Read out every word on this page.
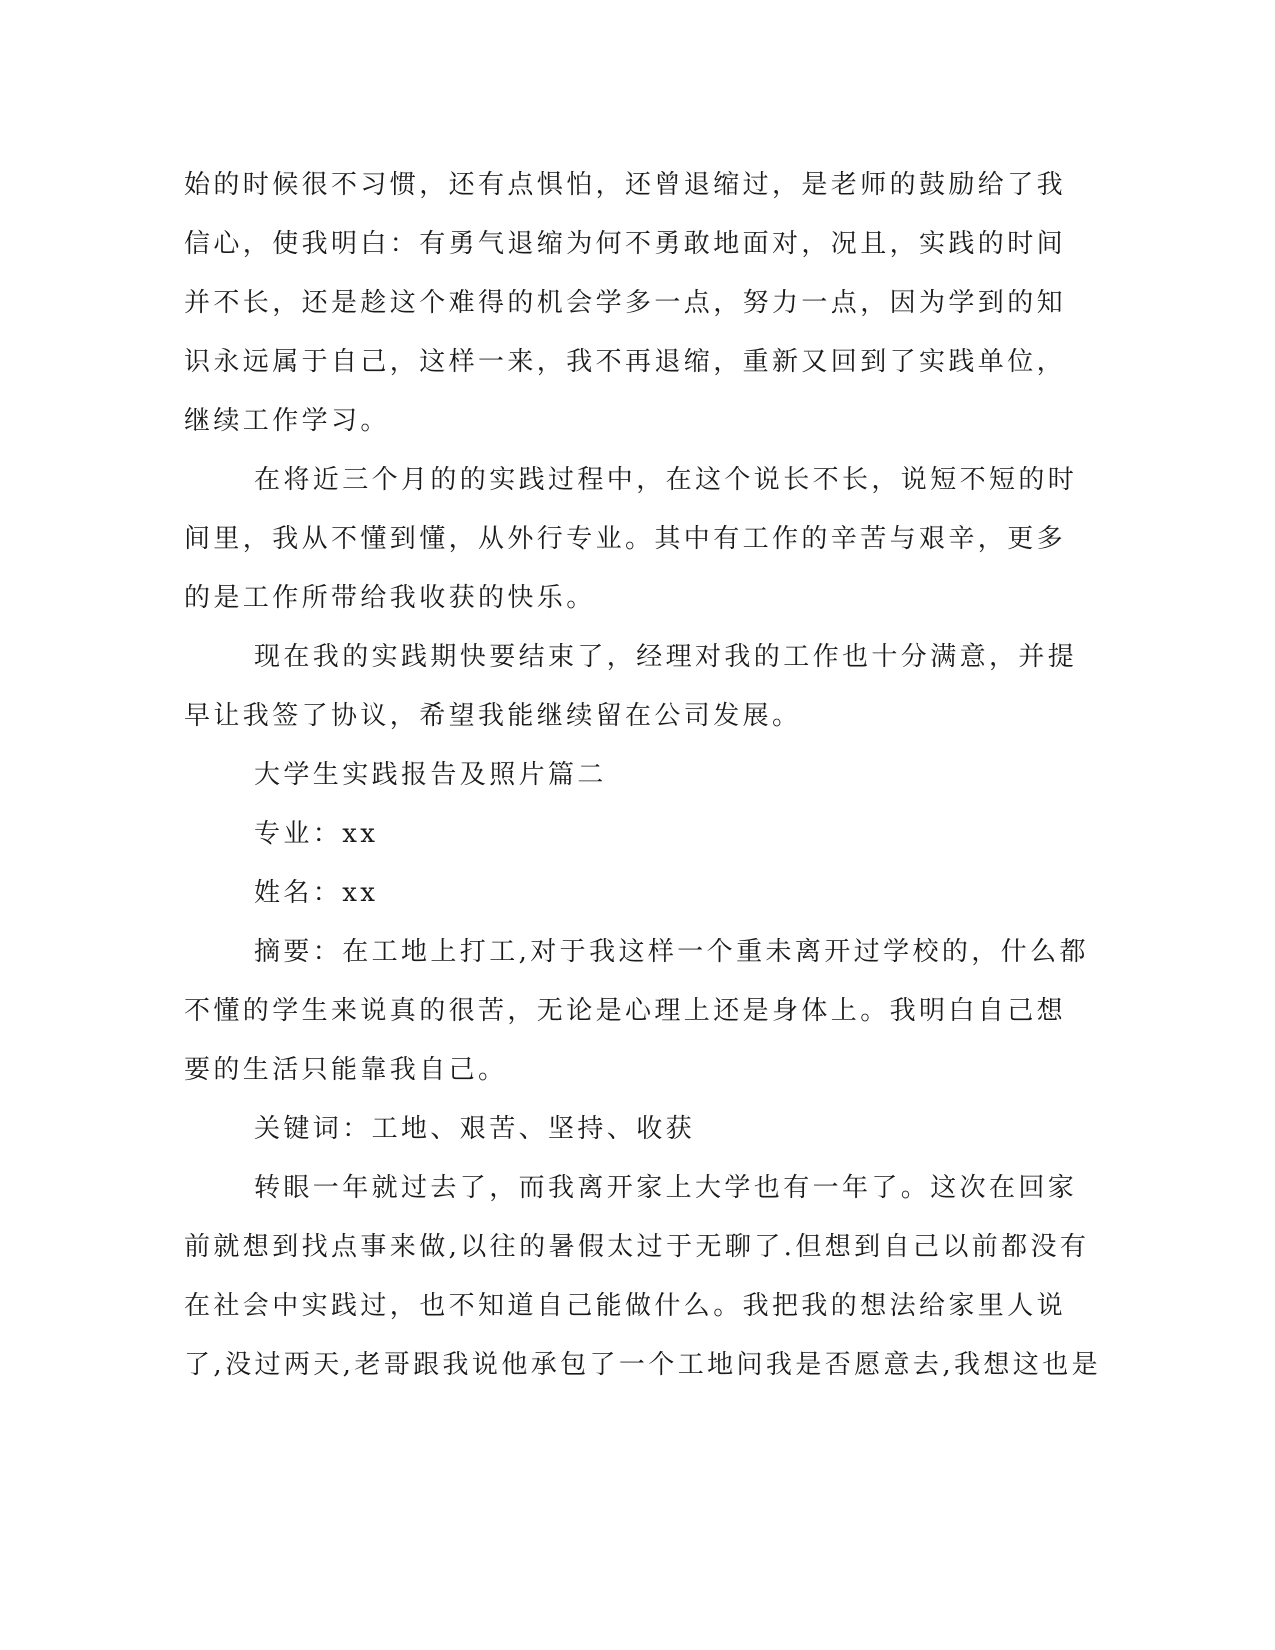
始的时候很不习惯，还有点惧怕，还曾退缩过，是老师的鼓励给了我

信心，使我明白：有勇气退缩为何不勇敢地面对，况且，实践的时间

并不长，还是趁这个难得的机会学多一点，努力一点，因为学到的知

识永远属于自己，这样一来，我不再退缩，重新又回到了实践单位，

继续工作学习。

在将近三个月的的实践过程中，在这个说长不长，说短不短的时

间里，我从不懂到懂，从外行专业。其中有工作的辛苦与艰辛，更多

的是工作所带给我收获的快乐。

现在我的实践期快要结束了，经理对我的工作也十分满意，并提

早让我签了协议，希望我能继续留在公司发展。

大学生实践报告及照片篇二

专业：xx

姓名：xx

摘要：在工地上打工,对于我这样一个重未离开过学校的，什么都

不懂的学生来说真的很苦，无论是心理上还是身体上。我明白自己想

要的生活只能靠我自己。

关键词：工地、艰苦、坚持、收获

转眼一年就过去了，而我离开家上大学也有一年了。这次在回家

前就想到找点事来做,以往的暑假太过于无聊了.但想到自己以前都没有

在社会中实践过，也不知道自己能做什么。我把我的想法给家里人说

了,没过两天,老哥跟我说他承包了一个工地问我是否愿意去,我想这也是
